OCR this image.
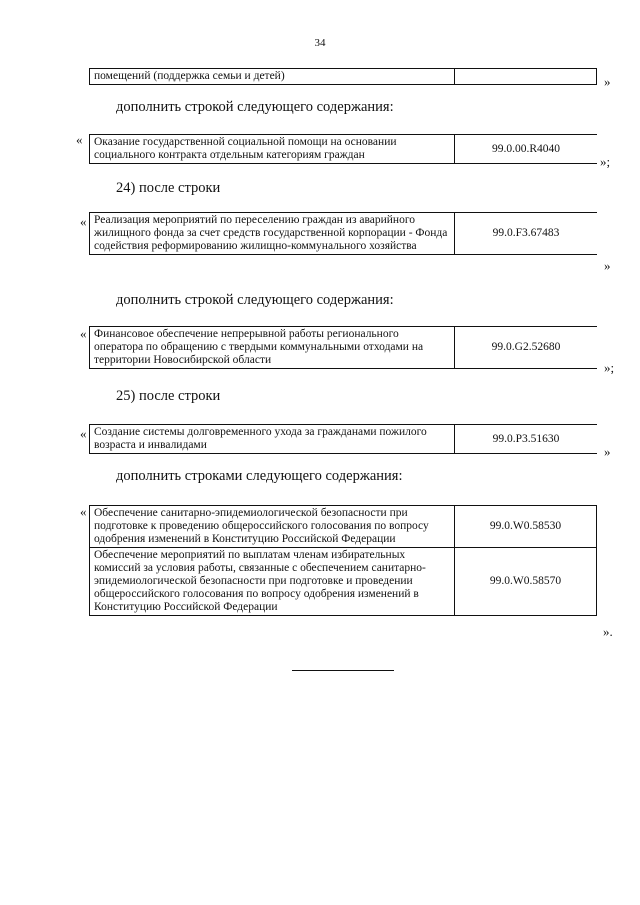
34
помещений (поддержка семьи и детей)		»
дополнить строкой следующего содержания:
« Оказание государственной социальной помощи на основании социального контракта отдельным категориям граждан	99.0.00.R4040
»;
24) после строки
« Реализация мероприятий по переселению граждан из аварийного жилищного фонда за счет средств государственной корпорации - Фонда содействия реформированию жилищно-коммунального хозяйства	99.0.F3.67483
»
дополнить строкой следующего содержания:
« Финансовое обеспечение непрерывной работы регионального оператора по обращению с твердыми коммунальными отходами на территории Новосибирской области	99.0.G2.52680
»;
25) после строки
« Создание системы долговременного ухода за гражданами пожилого возраста и инвалидами	99.0.P3.51630
»
дополнить строками следующего содержания:
« Обеспечение санитарно-эпидемиологической безопасности при подготовке к проведению общероссийского голосования по вопросу одобрения изменений в Конституцию Российской Федерации	99.0.W0.58530
Обеспечение мероприятий по выплатам членам избирательных комиссий за условия работы, связанные с обеспечением санитарно-эпидемиологической безопасности при подготовке и проведении общероссийского голосования по вопросу одобрения изменений в Конституцию Российской Федерации	99.0.W0.58570
».
